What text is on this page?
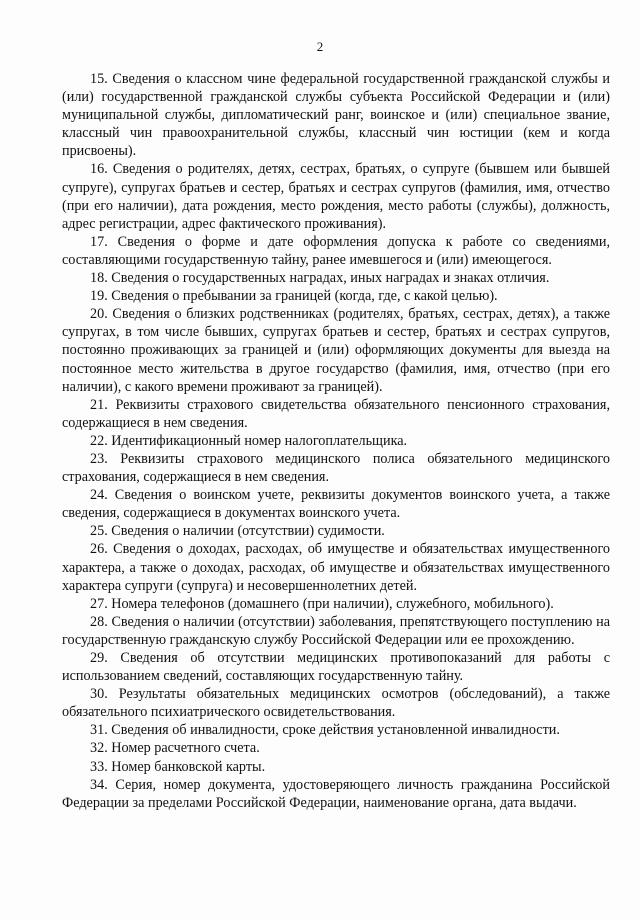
2

15. Сведения о классном чине федеральной государственной гражданской службы и (или) государственной гражданской службы субъекта Российской Федерации и (или) муниципальной службы, дипломатический ранг, воинское и (или) специальное звание, классный чин правоохранительной службы, классный чин юстиции (кем и когда присвоены).

16. Сведения о родителях, детях, сестрах, братьях, о супруге (бывшем или бывшей супруге), супругах братьев и сестер, братьях и сестрах супругов (фамилия, имя, отчество (при его наличии), дата рождения, место рождения, место работы (службы), должность, адрес регистрации, адрес фактического проживания).

17. Сведения о форме и дате оформления допуска к работе со сведениями, составляющими государственную тайну, ранее имевшегося и (или) имеющегося.

18. Сведения о государственных наградах, иных наградах и знаках отличия.

19. Сведения о пребывании за границей (когда, где, с какой целью).

20. Сведения о близких родственниках (родителях, братьях, сестрах, детях), а также супругах, в том числе бывших, супругах братьев и сестер, братьях и сестрах супругов, постоянно проживающих за границей и (или) оформляющих документы для выезда на постоянное место жительства в другое государство (фамилия, имя, отчество (при его наличии), с какого времени проживают за границей).

21. Реквизиты страхового свидетельства обязательного пенсионного страхования, содержащиеся в нем сведения.

22. Идентификационный номер налогоплательщика.

23. Реквизиты страхового медицинского полиса обязательного медицинского страхования, содержащиеся в нем сведения.

24. Сведения о воинском учете, реквизиты документов воинского учета, а также сведения, содержащиеся в документах воинского учета.

25. Сведения о наличии (отсутствии) судимости.

26. Сведения о доходах, расходах, об имуществе и обязательствах имущественного характера, а также о доходах, расходах, об имуществе и обязательствах имущественного характера супруги (супруга) и несовершеннолетних детей.

27. Номера телефонов (домашнего (при наличии), служебного, мобильного).

28. Сведения о наличии (отсутствии) заболевания, препятствующего поступлению на государственную гражданскую службу Российской Федерации или ее прохождению.

29. Сведения об отсутствии медицинских противопоказаний для работы с использованием сведений, составляющих государственную тайну.

30. Результаты обязательных медицинских осмотров (обследований), а также обязательного психиатрического освидетельствования.

31. Сведения об инвалидности, сроке действия установленной инвалидности.

32. Номер расчетного счета.

33. Номер банковской карты.

34. Серия, номер документа, удостоверяющего личность гражданина Российской Федерации за пределами Российской Федерации, наименование органа, дата выдачи.
